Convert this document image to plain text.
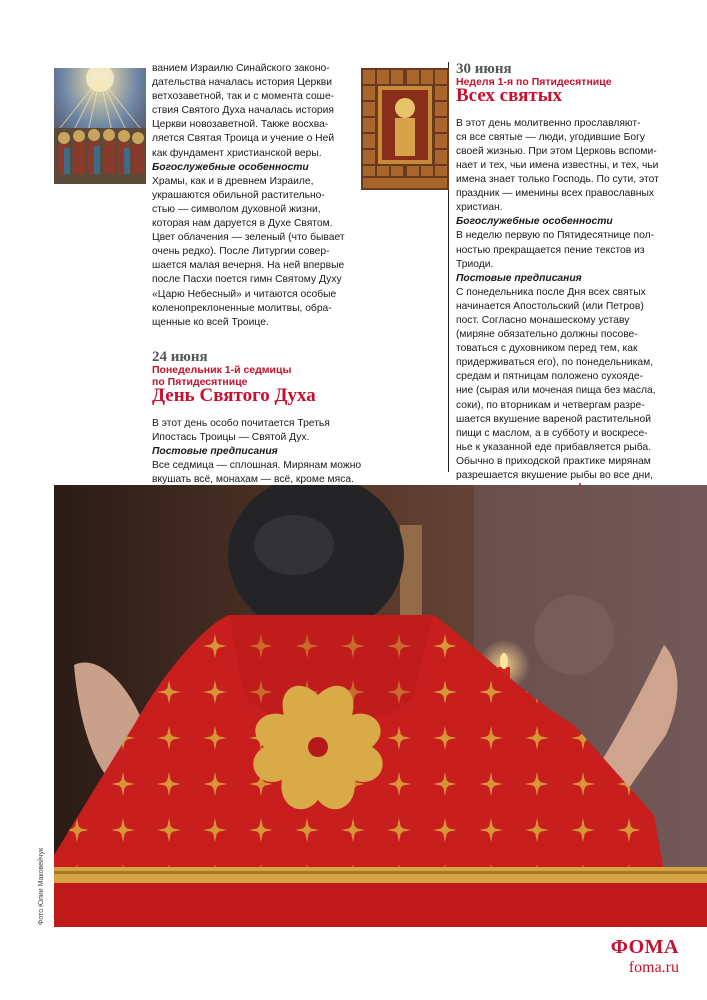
ванием Израилю Синайского законо-
дательства началась история Церкви
ветхозаветной, так и с момента соше-
ствия Святого Духа началась история
Церкви новозаветной. Также восхва-
ляется Святая Троица и учение о Ней
как фундамент христианской веры.

Богослужебные особенности

Храмы, как и в древнем Израиле,
украшаются обильной растительно-
стью — символом духовной жизни,
которая нам даруется в Духе Святом.
Цвет облачения — зеленый (что бывает
очень редко). После Литургии совер-
шается малая вечерня. На ней впервые
после Пасхи поется гимн Святому Духу
«Царю Небесный» и читаются особые
коленопреклоненные молитвы, обра-
щенные ко всей Троице.

24 июня

Понедельник 1-й седмицы
по Пятидесятнице

День Святого Духа

В этот день особо почитается Третья
Ипостась Троицы — Святой Дух.

Постовые предписания

Все седмица — сплошная. Мирянам можно
вкушать всё, монахам — всё, кроме мяса.

30 июня

Неделя 1-я по Пятидесятнице

Всех святых

В этот день молитвенно прославляют-
ся все святые — люди, угодившие Богу
своей жизнью. При этом Церковь вспоми-
нает и тех, чьи имена известны, и тех, чьи
имена знает только Господь. По сути, этот
праздник — именины всех православных
христиан.

Богослужебные особенности

В неделю первую по Пятидесятнице пол-
ностью прекращается пение текстов из
Триоди.

Постовые предписания

С понедельника после Дня всех святых
начинается Апостольский (или Петров)
пост. Согласно монашескому уставу
(миряне обязательно должны посове-
товаться с духовником перед тем, как
придерживаться его), по понедельникам,
средам и пятницам положено сухояде-
ние (сырая или моченая пища без масла,
соки), по вторникам и четвергам разре-
шается вкушение вареной растительной
пищи с маслом, а в субботу и воскресе-
нье к указанной еде прибавляется рыба.
Обычно в приходской практике мирянам
разрешается вкушение рыбы во все дни,

Фото Юлии Маковейчук
ФОМА
foma.ru
